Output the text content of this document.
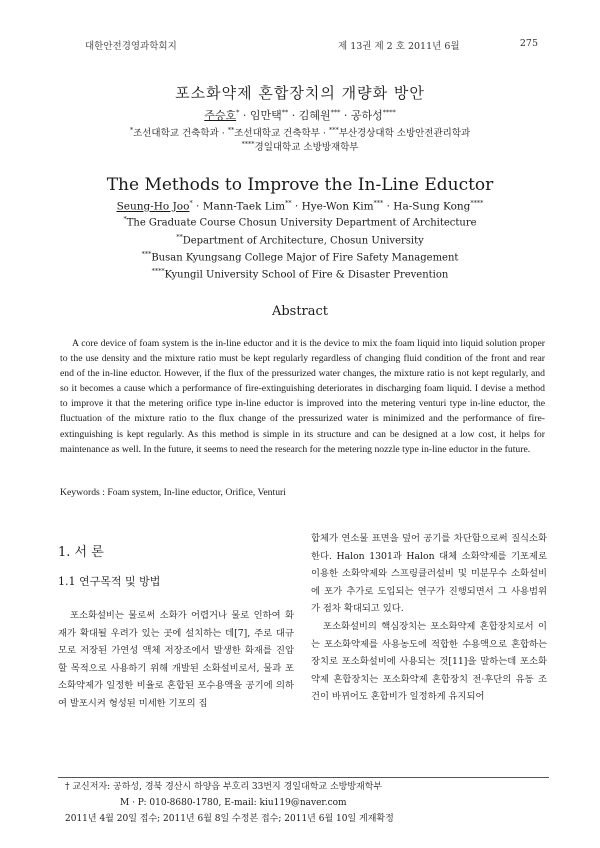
대한안전경영과학회지	제 13권 제 2 호 2011년 6월	275
포소화약제 혼합장치의 개량화 방안
주승호* · 임만택** · 김혜원*** · 공하성****
*조선대학교 건축학과 · **조선대학교 건축학부 · ***부산경상대학 소방안전관리학과
****경일대학교 소방방재학부
The Methods to Improve the In-Line Eductor
Seung-Ho Joo* · Mann-Taek Lim** · Hye-Won Kim*** · Ha-Sung Kong****
*The Graduate Course Chosun University Department of Architecture
**Department of Architecture, Chosun University
***Busan Kyungsang College Major of Fire Safety Management
****Kyungil University School of Fire & Disaster Prevention
Abstract
A core device of foam system is the in-line eductor and it is the device to mix the foam liquid into liquid solution proper to the use density and the mixture ratio must be kept regularly regardless of changing fluid condition of the front and rear end of the in-line eductor. However, if the flux of the pressurized water changes, the mixture ratio is not kept regularly, and so it becomes a cause which a performance of fire-extinguishing deteriorates in discharging foam liquid. I devise a method to improve it that the metering orifice type in-line eductor is improved into the metering venturi type in-line eductor, the fluctuation of the mixture ratio to the flux change of the pressurized water is minimized and the performance of fire-extinguishing is kept regularly. As this method is simple in its structure and can be designed at a low cost, it helps for maintenance as well. In the future, it seems to need the research for the metering nozzle type in-line eductor in the future.
Keywords : Foam system, In-line eductor, Orifice, Venturi
1. 서 론
1.1 연구목적 및 방법
포소화설비는 물로써 소화가 어렵거나 물로 인하여 화재가 확대될 우려가 있는 곳에 설치하는 데[7], 주로 대규모로 저장된 가연성 액체 저장조에서 발생한 화재를 진압할 목적으로 사용하기 위해 개발된 소화설비로서, 물과 포소화약제가 일정한 비율로 혼합된 포수용액을 공기에 의하여 발포시켜 형성된 미세한 기포의 집
합체가 연소물 표면을 덮어 공기를 차단함으로써 질식소화한다. Halon 1301과 Halon 대체 소화약제를 기포제로 이용한 소화약제와 스프링클러설비 및 미분무수 소화설비에 포가 추가로 도입되는 연구가 진행되면서 그 사용범위가 점차 확대되고 있다.
포소화설비의 핵심장치는 포소화약제 혼합장치로서 이는 포소화약제를 사용농도에 적합한 수용액으로 혼합하는 장치로 포소화설비에 사용되는 것[11]을 말하는데 포소화약제 혼합장치는 포소화약제 혼합장치 전·후단의 유동 조건이 바뀌어도 혼합비가 일정하게 유지되어
† 교신저자: 공하성, 경북 경산시 하양읍 부호리 33번지 경일대학교 소방방재학부
M · P: 010-8680-1780, E-mail: kiu119@naver.com
2011년 4월 20일 접수; 2011년 6월 8일 수정본 접수; 2011년 6월 10일 게재확정
